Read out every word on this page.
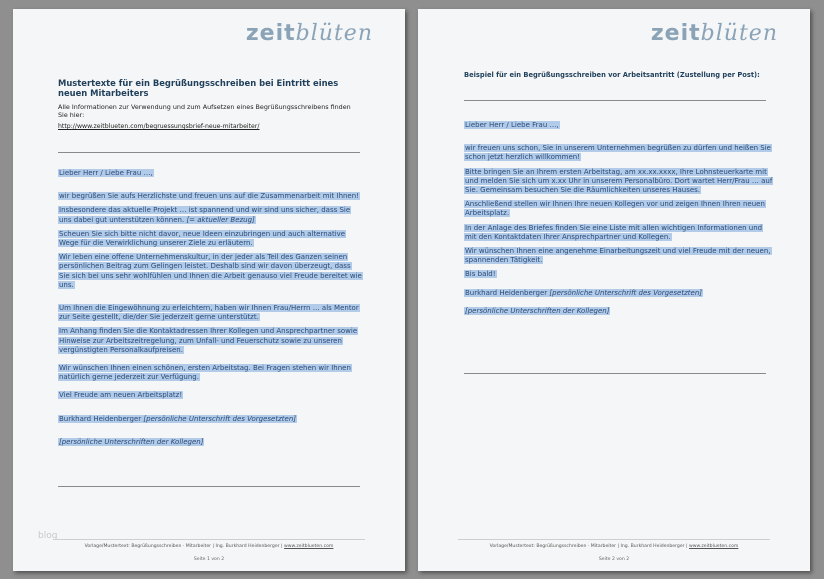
zeitblüten
Mustertexte für ein Begrüßungsschreiben bei Eintritt eines neuen Mitarbeiters
Alle Informationen zur Verwendung und zum Aufsetzen eines Begrüßungsschreibens finden Sie hier:
http://www.zeitblueten.com/begruessungsbrief-neue-mitarbeiter/

Lieber Herr / Liebe Frau …,

wir begrüßen Sie aufs Herzlichste und freuen uns auf die Zusammenarbeit mit Ihnen!

Insbesondere das aktuelle Projekt … ist spannend und wir sind uns sicher, dass Sie uns dabei gut unterstützen können. [= aktueller Bezug]

Scheuen Sie sich bitte nicht davor, neue Ideen einzubringen und auch alternative Wege für die Verwirklichung unserer Ziele zu erläutern.

Wir leben eine offene Unternehmenskultur, in der jeder als Teil des Ganzen seinen persönlichen Beitrag zum Gelingen leistet. Deshalb sind wir davon überzeugt, dass Sie sich bei uns sehr wohlfühlen und Ihnen die Arbeit genauso viel Freude bereitet wie uns.

Um Ihnen die Eingewöhnung zu erleichtern, haben wir Ihnen Frau/Herrn … als Mentor zur Seite gestellt, die/der Sie jederzeit gerne unterstützt.

Im Anhang finden Sie die Kontaktadressen Ihrer Kollegen und Ansprechpartner sowie Hinweise zur Arbeitszeitregelung, zum Unfall- und Feuerschutz sowie zu unseren vergünstigten Personalkaufpreisen.

Wir wünschen Ihnen einen schönen, ersten Arbeitstag. Bei Fragen stehen wir Ihnen natürlich gerne jederzeit zur Verfügung.

Viel Freude am neuen Arbeitsplatz!

Burkhard Heidenberger [persönliche Unterschrift des Vorgesetzten]

[persönliche Unterschriften der Kollegen]

blog
Vorlage/Mustertext: Begrüßungsschreiben · Mitarbeiter | Ing. Burkhard Heidenberger | www.zeitblueten.com
Seite 1 von 2
zeitblüten
Beispiel für ein Begrüßungsschreiben vor Arbeitsantritt (Zustellung per Post):

Lieber Herr / Liebe Frau …,

wir freuen uns schon, Sie in unserem Unternehmen begrüßen zu dürfen und heißen Sie schon jetzt herzlich willkommen!

Bitte bringen Sie an Ihrem ersten Arbeitstag, am xx.xx.xxxx, Ihre Lohnsteuerkarte mit und melden Sie sich um x.xx Uhr in unserem Personalbüro. Dort wartet Herr/Frau … auf Sie. Gemeinsam besuchen Sie die Räumlichkeiten unseres Hauses.

Anschließend stellen wir Ihnen Ihre neuen Kollegen vor und zeigen Ihnen Ihren neuen Arbeitsplatz.

In der Anlage des Briefes finden Sie eine Liste mit allen wichtigen Informationen und mit den Kontaktdaten Ihrer Ansprechpartner und Kollegen.

Wir wünschen Ihnen eine angenehme Einarbeitungszeit und viel Freude mit der neuen, spannenden Tätigkeit.

Bis bald!

Burkhard Heidenberger [persönliche Unterschrift des Vorgesetzten]

[persönliche Unterschriften der Kollegen]

Vorlage/Mustertext: Begrüßungsschreiben · Mitarbeiter | Ing. Burkhard Heidenberger | www.zeitblueten.com
Seite 2 von 2
